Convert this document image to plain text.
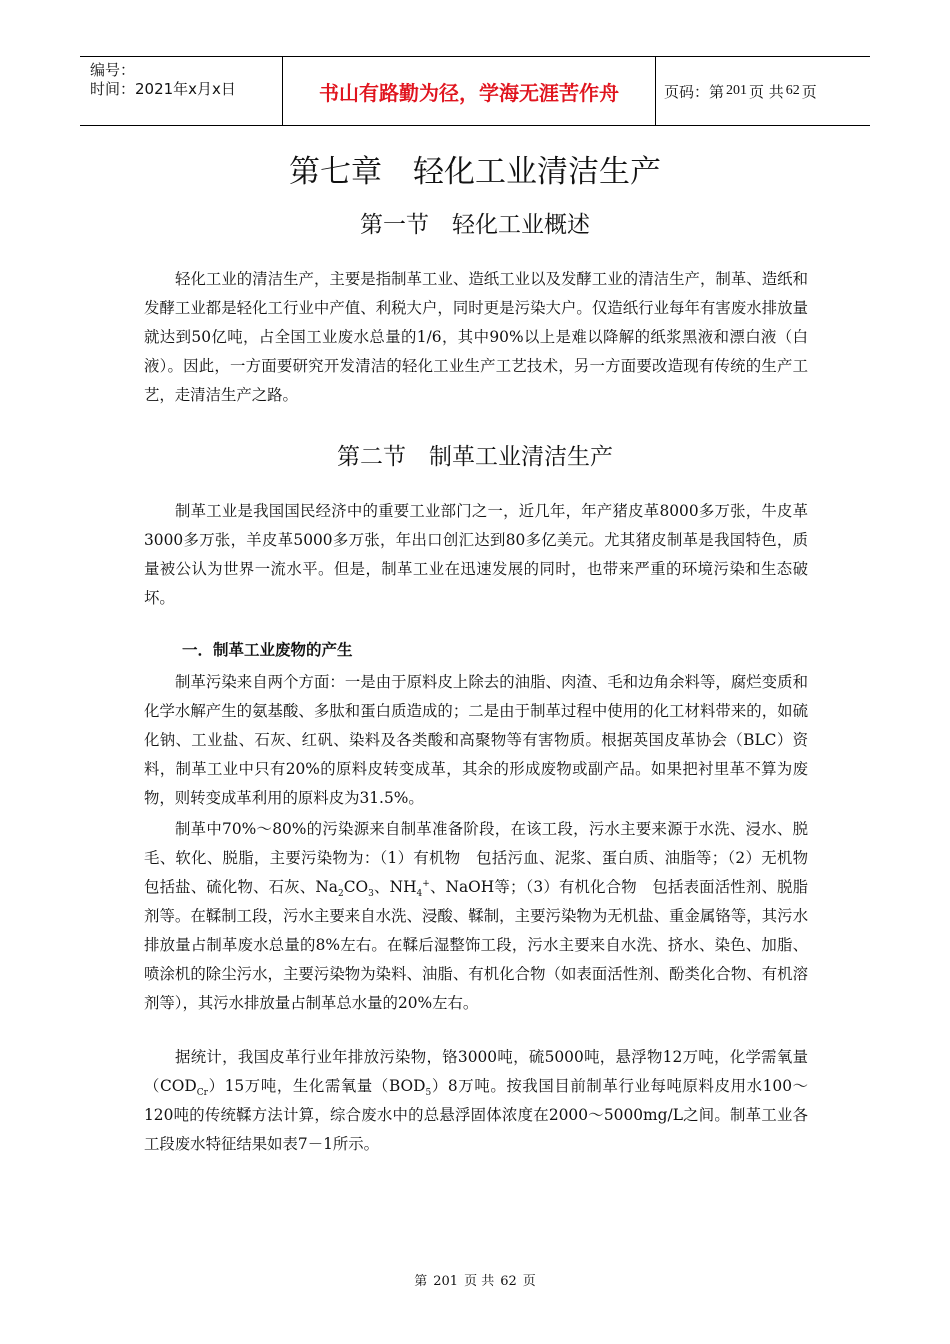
编号：
时间：2021年x月x日	书山有路勤为径，学海无涯苦作舟	页码：第 201 页 共 62 页
第七章　轻化工业清洁生产
第一节　轻化工业概述

轻化工业的清洁生产，主要是指制革工业、造纸工业以及发酵工业的清洁生产，制革、造纸和发酵工业都是轻化工行业中产值、利税大户，同时更是污染大户。仅造纸行业每年有害废水排放量就达到50亿吨，占全国工业废水总量的1/6，其中90%以上是难以降解的纸浆黑液和漂白液（白液）。因此，一方面要研究开发清洁的轻化工业生产工艺技术，另一方面要改造现有传统的生产工艺，走清洁生产之路。

第二节　制革工业清洁生产

制革工业是我国国民经济中的重要工业部门之一，近几年，年产猪皮革8000多万张，牛皮革3000多万张，羊皮革5000多万张，年出口创汇达到80多亿美元。尤其猪皮制革是我国特色，质量被公认为世界一流水平。但是，制革工业在迅速发展的同时，也带来严重的环境污染和生态破坏。

一．制革工业废物的产生

制革污染来自两个方面：一是由于原料皮上除去的油脂、肉渣、毛和边角余料等，腐烂变质和化学水解产生的氨基酸、多肽和蛋白质造成的；二是由于制革过程中使用的化工材料带来的，如硫化钠、工业盐、石灰、红矾、染料及各类酸和高聚物等有害物质。根据英国皮革协会（BLC）资料，制革工业中只有20%的原料皮转变成革，其余的形成废物或副产品。如果把衬里革不算为废物，则转变成革利用的原料皮为31.5%。

制革中70%～80%的污染源来自制革准备阶段，在该工段，污水主要来源于水洗、浸水、脱毛、软化、脱脂，主要污染物为：（1）有机物　包括污血、泥浆、蛋白质、油脂等；（2）无机物　包括盐、硫化物、石灰、$Na_2CO_3$、$NH_4^+$、NaOH等；（3）有机化合物　包括表面活性剂、脱脂剂等。在鞣制工段，污水主要来自水洗、浸酸、鞣制，主要污染物为无机盐、重金属铬等，其污水排放量占制革废水总量的8%左右。在鞣后湿整饰工段，污水主要来自水洗、挤水、染色、加脂、喷涂机的除尘污水，主要污染物为染料、油脂、有机化合物（如表面活性剂、酚类化合物、有机溶剂等），其污水排放量占制革总水量的20%左右。

据统计，我国皮革行业年排放污染物，铬3000吨，硫5000吨，悬浮物12万吨，化学需氧量$(COD_{Cr})15$万吨，生化需氧量$(BOD_5)8$万吨。按我国目前制革行业每吨原料皮用水100～120吨的传统鞣方法计算，综合废水中的总悬浮固体浓度在2000～5000mg/L之间。制革工业各工段废水特征结果如表7－1所示。

第 201 页 共 62 页
